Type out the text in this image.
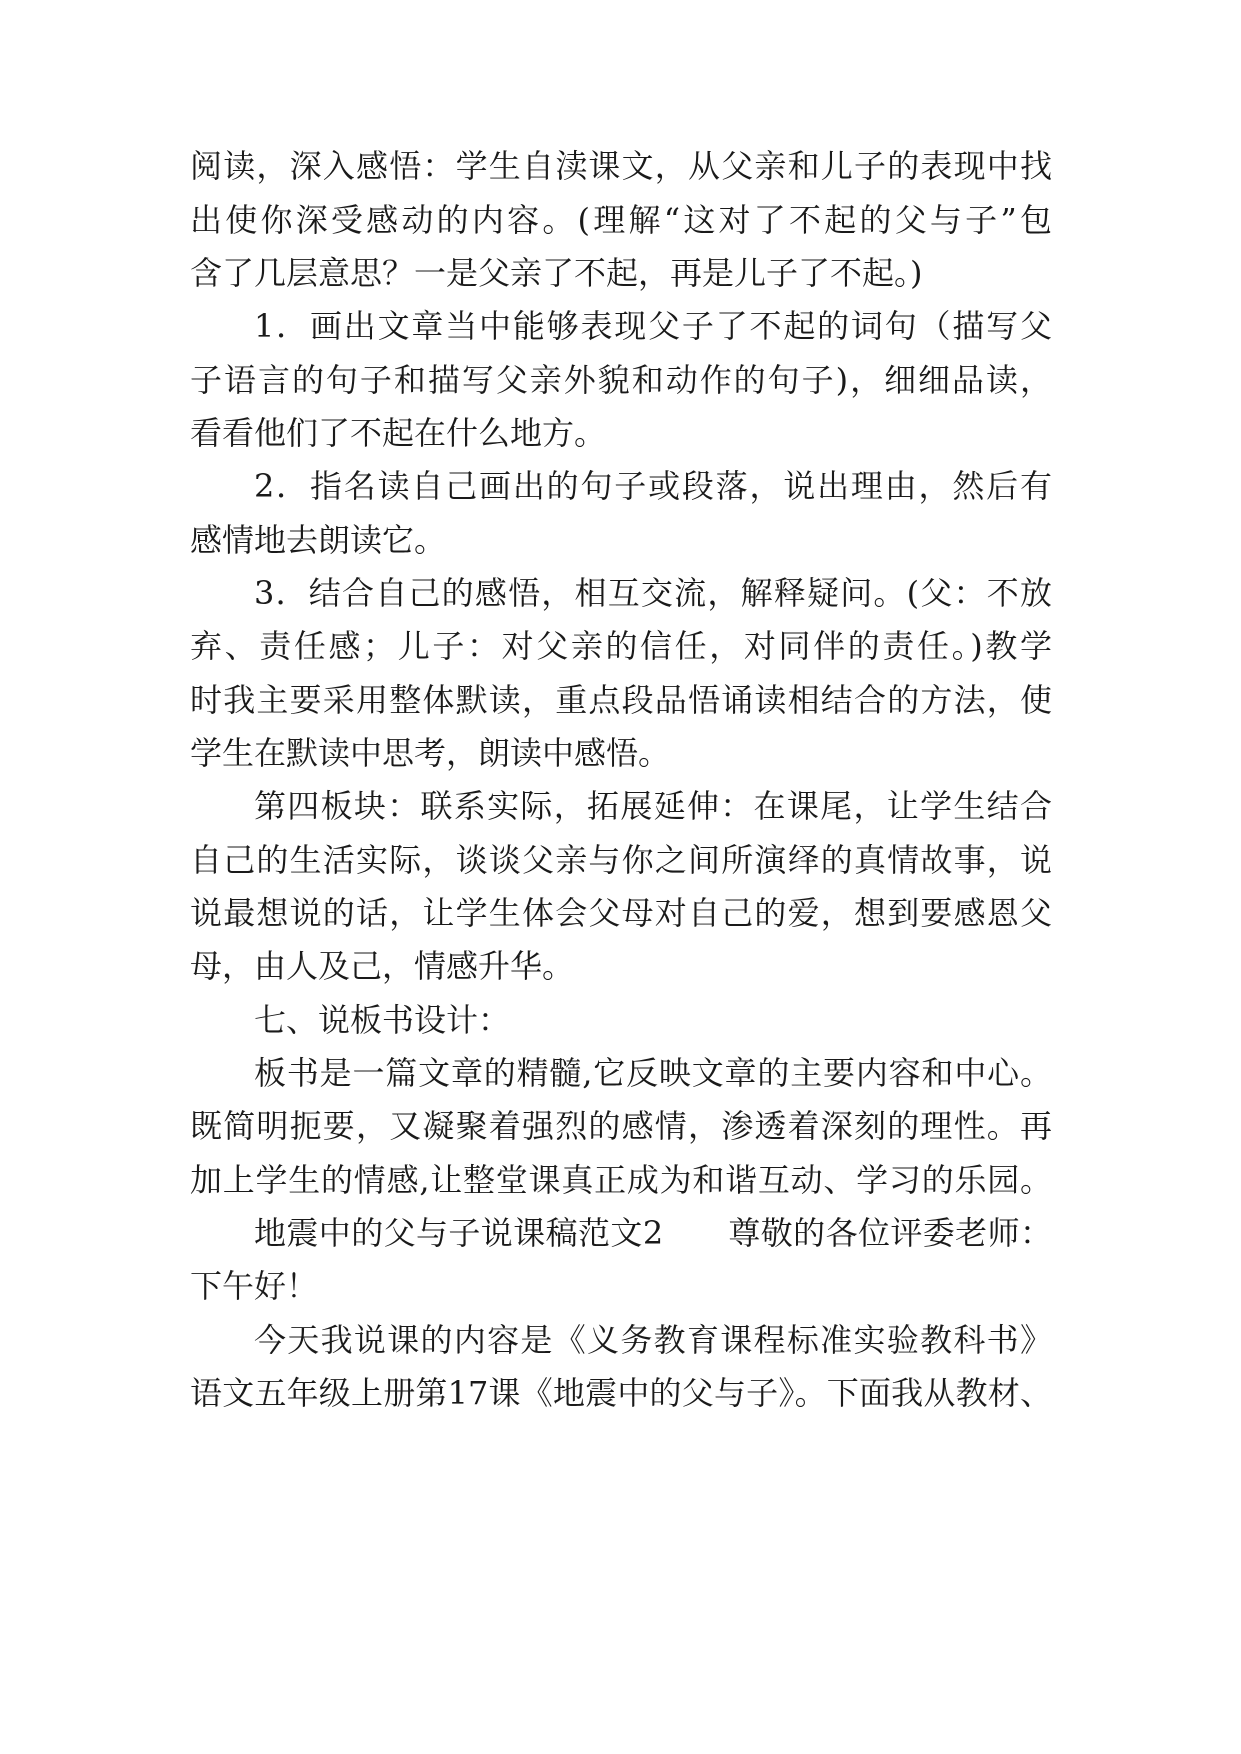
阅读，深入感悟：学生自渎课文，从父亲和儿子的表现中找
出使你深受感动的内容。(理解“这对了不起的父与子”包
含了几层意思？一是父亲了不起，再是儿子了不起。)
1．画出文章当中能够表现父子了不起的词句（描写父
子语言的句子和描写父亲外貌和动作的句子)，细细品读，
看看他们了不起在什么地方。
2．指名读自己画出的句子或段落，说出理由，然后有
感情地去朗读它。
3．结合自己的感悟，相互交流，解释疑问。(父：不放
弃、责任感；儿子：对父亲的信任，对同伴的责任。)教学
时我主要采用整体默读，重点段品悟诵读相结合的方法，使
学生在默读中思考，朗读中感悟。
第四板块：联系实际，拓展延伸：在课尾，让学生结合
自己的生活实际，谈谈父亲与你之间所演绎的真情故事，说
说最想说的话，让学生体会父母对自己的爱，想到要感恩父
母，由人及己，情感升华。
七、说板书设计：
板书是一篇文章的精髓,它反映文章的主要内容和中心。
既简明扼要，又凝聚着强烈的感情，渗透着深刻的理性。再
加上学生的情感,让整堂课真正成为和谐互动、学习的乐园。
地震中的父与子说课稿范文2　　尊敬的各位评委老师：
下午好！
今天我说课的内容是《义务教育课程标准实验教科书》
语文五年级上册第17课《地震中的父与子》。下面我从教材、
